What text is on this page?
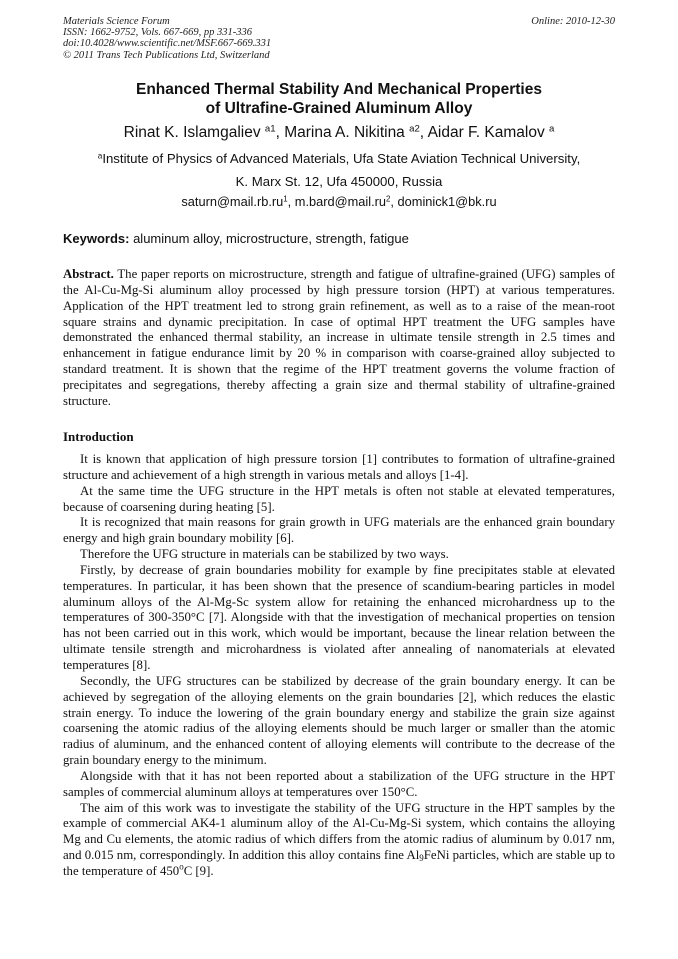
Materials Science Forum
ISSN: 1662-9752, Vols. 667-669, pp 331-336
doi:10.4028/www.scientific.net/MSF.667-669.331
© 2011 Trans Tech Publications Ltd, Switzerland
Online: 2010-12-30
Enhanced Thermal Stability And Mechanical Properties
of Ultrafine-Grained Aluminum Alloy
Rinat K. Islamgaliev $^{a1}$, Marina A. Nikitina $^{a2}$, Aidar F. Kamalov $^a$
$^a$Institute of Physics of Advanced Materials, Ufa State Aviation Technical University,
K. Marx St. 12, Ufa 450000, Russia
$saturn@mail.rb.ru^1$, $m.bard@mail.ru^2$, dominick1@bk.ru
Keywords: aluminum alloy, microstructure, strength, fatigue

Abstract. The paper reports on microstructure, strength and fatigue of ultrafine-grained (UFG) samples of the Al-Cu-Mg-Si aluminum alloy processed by high pressure torsion (HPT) at various temperatures. Application of the HPT treatment led to strong grain refinement, as well as to a raise of the mean-root square strains and dynamic precipitation. In case of optimal HPT treatment the UFG samples have demonstrated the enhanced thermal stability, an increase in ultimate tensile strength in 2.5 times and enhancement in fatigue endurance limit by 20 % in comparison with coarse-grained alloy subjected to standard treatment. It is shown that the regime of the HPT treatment governs the volume fraction of precipitates and segregations, thereby affecting a grain size and thermal stability of ultrafine-grained structure.

Introduction

It is known that application of high pressure torsion [1] contributes to formation of ultrafine-grained structure and achievement of a high strength in various metals and alloys [1-4].

At the same time the UFG structure in the HPT metals is often not stable at elevated temperatures, because of coarsening during heating [5].

It is recognized that main reasons for grain growth in UFG materials are the enhanced grain boundary energy and high grain boundary mobility [6].

Therefore the UFG structure in materials can be stabilized by two ways.

Firstly, by decrease of grain boundaries mobility for example by fine precipitates stable at elevated temperatures. In particular, it has been shown that the presence of scandium-bearing particles in model aluminum alloys of the Al-Mg-Sc system allow for retaining the enhanced microhardness up to the temperatures of 300-350°C [7]. Alongside with that the investigation of mechanical properties on tension has not been carried out in this work, which would be important, because the linear relation between the ultimate tensile strength and microhardness is violated after annealing of nanomaterials at elevated temperatures [8].

Secondly, the UFG structures can be stabilized by decrease of the grain boundary energy. It can be achieved by segregation of the alloying elements on the grain boundaries [2], which reduces the elastic strain energy. To induce the lowering of the grain boundary energy and stabilize the grain size against coarsening the atomic radius of the alloying elements should be much larger or smaller than the atomic radius of aluminum, and the enhanced content of alloying elements will contribute to the decrease of the grain boundary energy to the minimum.

Alongside with that it has not been reported about a stabilization of the UFG structure in the HPT samples of commercial aluminum alloys at temperatures over 150°C.

The aim of this work was to investigate the stability of the UFG structure in the HPT samples by the example of commercial AK4-1 aluminum alloy of the Al-Cu-Mg-Si system, which contains the alloying Mg and Cu elements, the atomic radius of which differs from the atomic radius of aluminum by 0.017 nm, and 0.015 nm, correspondingly. In addition this alloy contains fine $Al_9FeNi$ particles, which are stable up to the temperature of 450$^o$C [9].
